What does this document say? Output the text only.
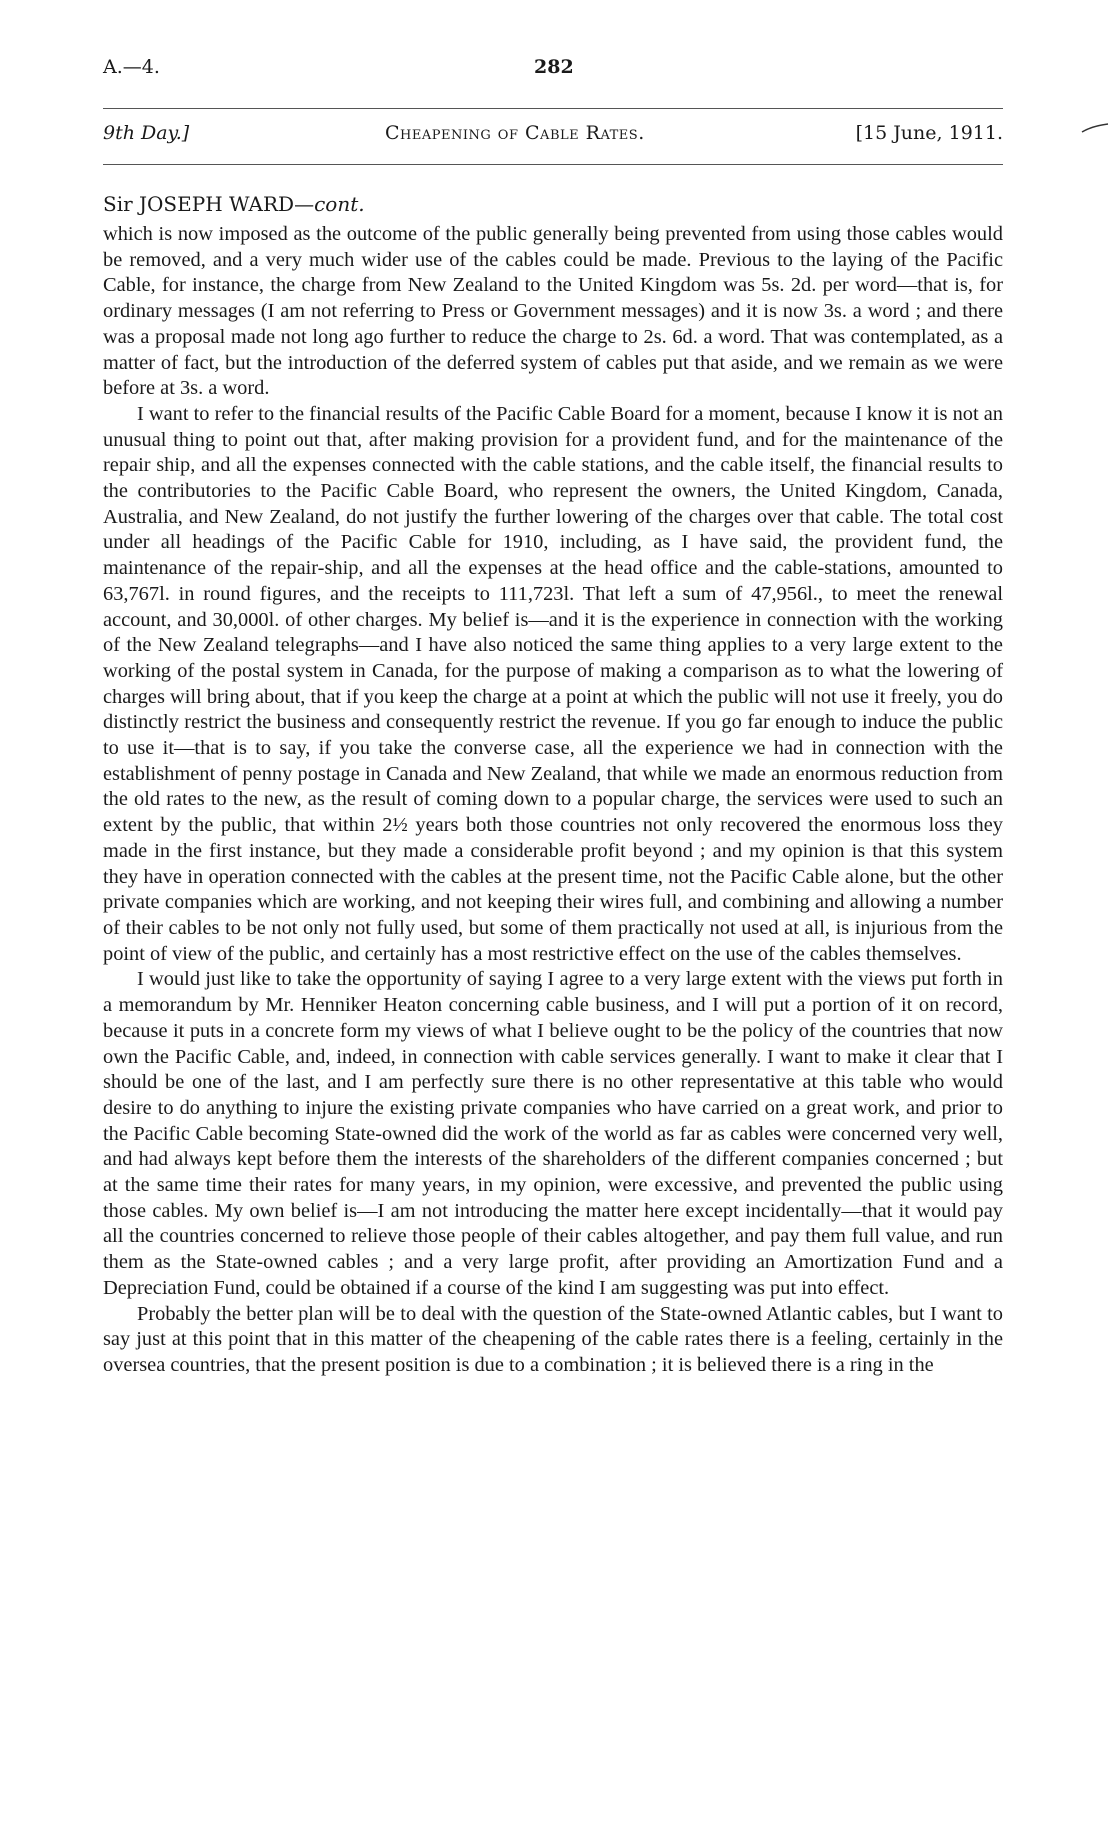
A.—4.	282
9th Day.]	Cheapening of Cable Rates.	[15 June, 1911.
Sir JOSEPH WARD—cont.

which is now imposed as the outcome of the public generally being prevented from using those cables would be removed, and a very much wider use of the cables could be made. Previous to the laying of the Pacific Cable, for instance, the charge from New Zealand to the United Kingdom was 5s. 2d. per word—that is, for ordinary messages (I am not referring to Press or Government messages) and it is now 3s. a word ; and there was a proposal made not long ago further to reduce the charge to 2s. 6d. a word. That was contemplated, as a matter of fact, but the introduction of the deferred system of cables put that aside, and we remain as we were before at 3s. a word.

I want to refer to the financial results of the Pacific Cable Board for a moment, because I know it is not an unusual thing to point out that, after making provision for a provident fund, and for the maintenance of the repair ship, and all the expenses connected with the cable stations, and the cable itself, the financial results to the contributories to the Pacific Cable Board, who represent the owners, the United Kingdom, Canada, Australia, and New Zealand, do not justify the further lowering of the charges over that cable. The total cost under all headings of the Pacific Cable for 1910, including, as I have said, the provident fund, the maintenance of the repair-ship, and all the expenses at the head office and the cable-stations, amounted to 63,767l. in round figures, and the receipts to 111,723l. That left a sum of 47,956l., to meet the renewal account, and 30,000l. of other charges. My belief is—and it is the experience in connection with the working of the New Zealand telegraphs—and I have also noticed the same thing applies to a very large extent to the working of the postal system in Canada, for the purpose of making a comparison as to what the lowering of charges will bring about, that if you keep the charge at a point at which the public will not use it freely, you do distinctly restrict the business and consequently restrict the revenue. If you go far enough to induce the public to use it—that is to say, if you take the converse case, all the experience we had in connection with the establishment of penny postage in Canada and New Zealand, that while we made an enormous reduction from the old rates to the new, as the result of coming down to a popular charge, the services were used to such an extent by the public, that within 2½ years both those countries not only recovered the enormous loss they made in the first instance, but they made a considerable profit beyond ; and my opinion is that this system they have in operation connected with the cables at the present time, not the Pacific Cable alone, but the other private companies which are working, and not keeping their wires full, and combining and allowing a number of their cables to be not only not fully used, but some of them practically not used at all, is injurious from the point of view of the public, and certainly has a most restrictive effect on the use of the cables themselves.

I would just like to take the opportunity of saying I agree to a very large extent with the views put forth in a memorandum by Mr. Henniker Heaton concerning cable business, and I will put a portion of it on record, because it puts in a concrete form my views of what I believe ought to be the policy of the countries that now own the Pacific Cable, and, indeed, in connection with cable services generally. I want to make it clear that I should be one of the last, and I am perfectly sure there is no other representative at this table who would desire to do anything to injure the existing private companies who have carried on a great work, and prior to the Pacific Cable becoming State-owned did the work of the world as far as cables were concerned very well, and had always kept before them the interests of the shareholders of the different companies concerned ; but at the same time their rates for many years, in my opinion, were excessive, and prevented the public using those cables. My own belief is—I am not introducing the matter here except incidentally—that it would pay all the countries concerned to relieve those people of their cables altogether, and pay them full value, and run them as the State-owned cables ; and a very large profit, after providing an Amortization Fund and a Depreciation Fund, could be obtained if a course of the kind I am suggesting was put into effect.

Probably the better plan will be to deal with the question of the State-owned Atlantic cables, but I want to say just at this point that in this matter of the cheapening of the cable rates there is a feeling, certainly in the oversea countries, that the present position is due to a combination ; it is believed there is a ring in the
